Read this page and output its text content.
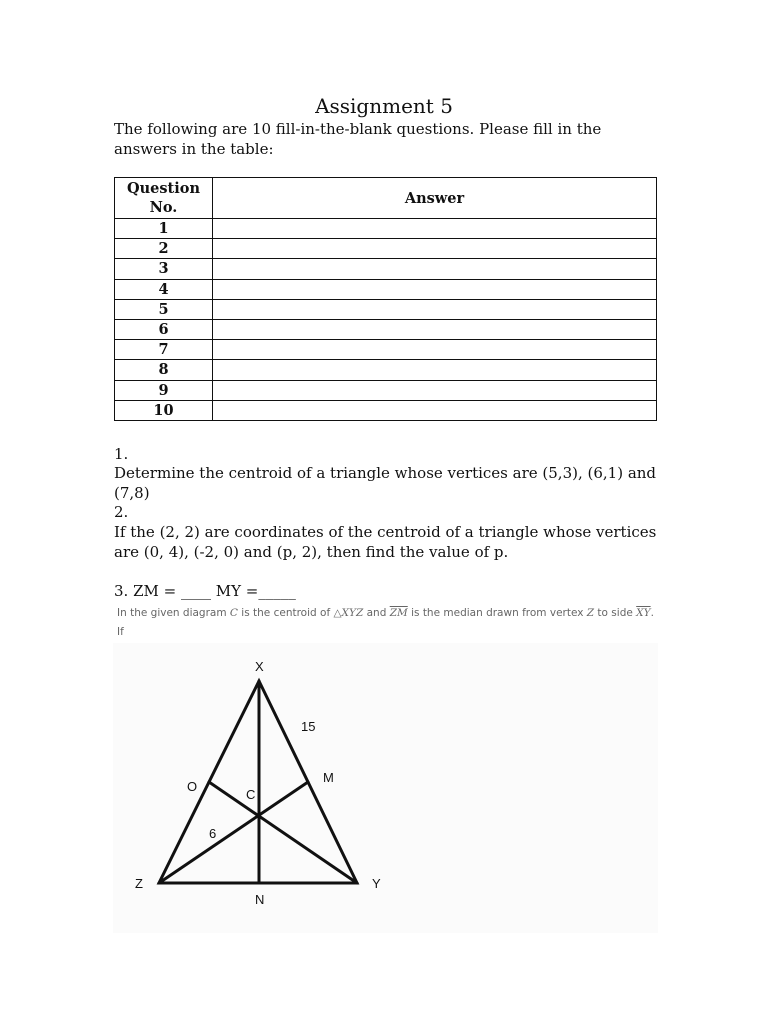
Assignment 5
The following are 10 fill-in-the-blank questions. Please fill in the answers in the table:
Question No.	Answer
1	
2	
3	
4	
5	
6	
7	
8	
9	
10	
1.
Determine the centroid of a triangle whose vertices are (5,3), (6,1) and (7,8)
2.
If the (2, 2) are coordinates of the centroid of a triangle whose vertices are (0, 4), (-2, 0) and (p, 2), then find the value of p.
3. ZM = ____ MY =_____
In the given diagram C is the centroid of △XYZ and $\overline{ZM}$ is the median drawn from vertex Z to side $\overline{XY}$. If

X
Y
Z
M
O
C
N
15
6
